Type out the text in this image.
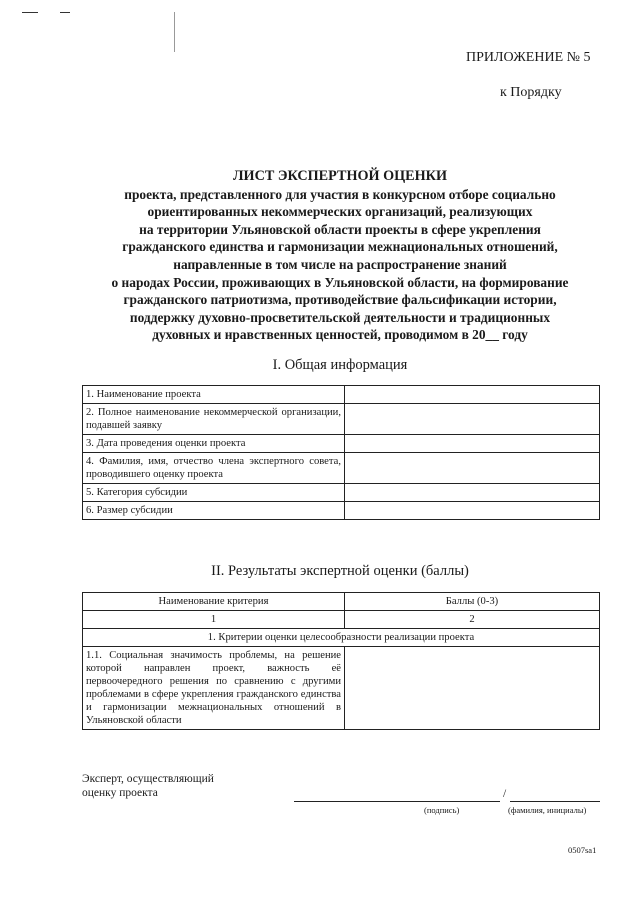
ПРИЛОЖЕНИЕ № 5
к Порядку
ЛИСТ ЭКСПЕРТНОЙ ОЦЕНКИ
проекта, представленного для участия в конкурсном отборе социально
ориентированных некоммерческих организаций, реализующих
на территории Ульяновской области проекты в сфере укрепления
гражданского единства и гармонизации межнациональных отношений,
направленные в том числе на распространение знаний
о народах России, проживающих в Ульяновской области, на формирование
гражданского патриотизма, противодействие фальсификации истории,
поддержку духовно-просветительской деятельности и традиционных
духовных и нравственных ценностей, проводимом в 20__ году
I. Общая информация
1. Наименование проекта	
2. Полное наименование некоммерческой организации, подавшей заявку	
3. Дата проведения оценки проекта	
4. Фамилия, имя, отчество члена экспертного совета, проводившего оценку проекта	
5. Категория субсидии	
6. Размер субсидии	
II. Результаты экспертной оценки (баллы)
Наименование критерия	Баллы (0-3)
1	2
1. Критерии оценки целесообразности реализации проекта	
1.1. Социальная значимость проблемы, на решение которой направлен проект, важность её первоочередного решения по сравнению с другими проблемами в сфере укрепления гражданского единства и гармонизации межнациональных отношений в Ульяновской области	
Эксперт, осуществляющий
оценку проекта	/
(подпись)	(фамилия, инициалы)
0507sa1
